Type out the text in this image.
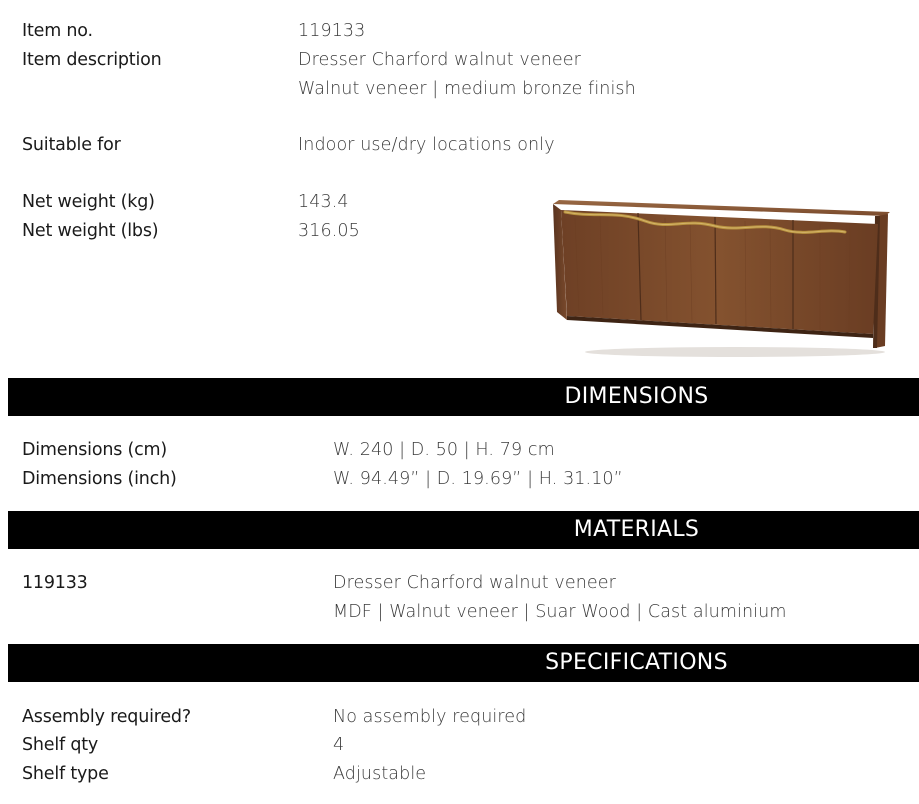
Item no.	119133
Item description	Dresser Charford walnut veneer
Walnut veneer | medium bronze finish
Suitable for	Indoor use/dry locations only
Net weight (kg)	143.4
Net weight (lbs)	316.05
DIMENSIONS
Dimensions (cm)	W. 240 | D. 50 | H. 79 cm
Dimensions (inch)	W. 94.49” | D. 19.69” | H. 31.10”
MATERIALS
119133	Dresser Charford walnut veneer
MDF | Walnut veneer | Suar Wood | Cast aluminium
SPECIFICATIONS
Assembly required?	No assembly required
Shelf qty	4
Shelf type	Adjustable
